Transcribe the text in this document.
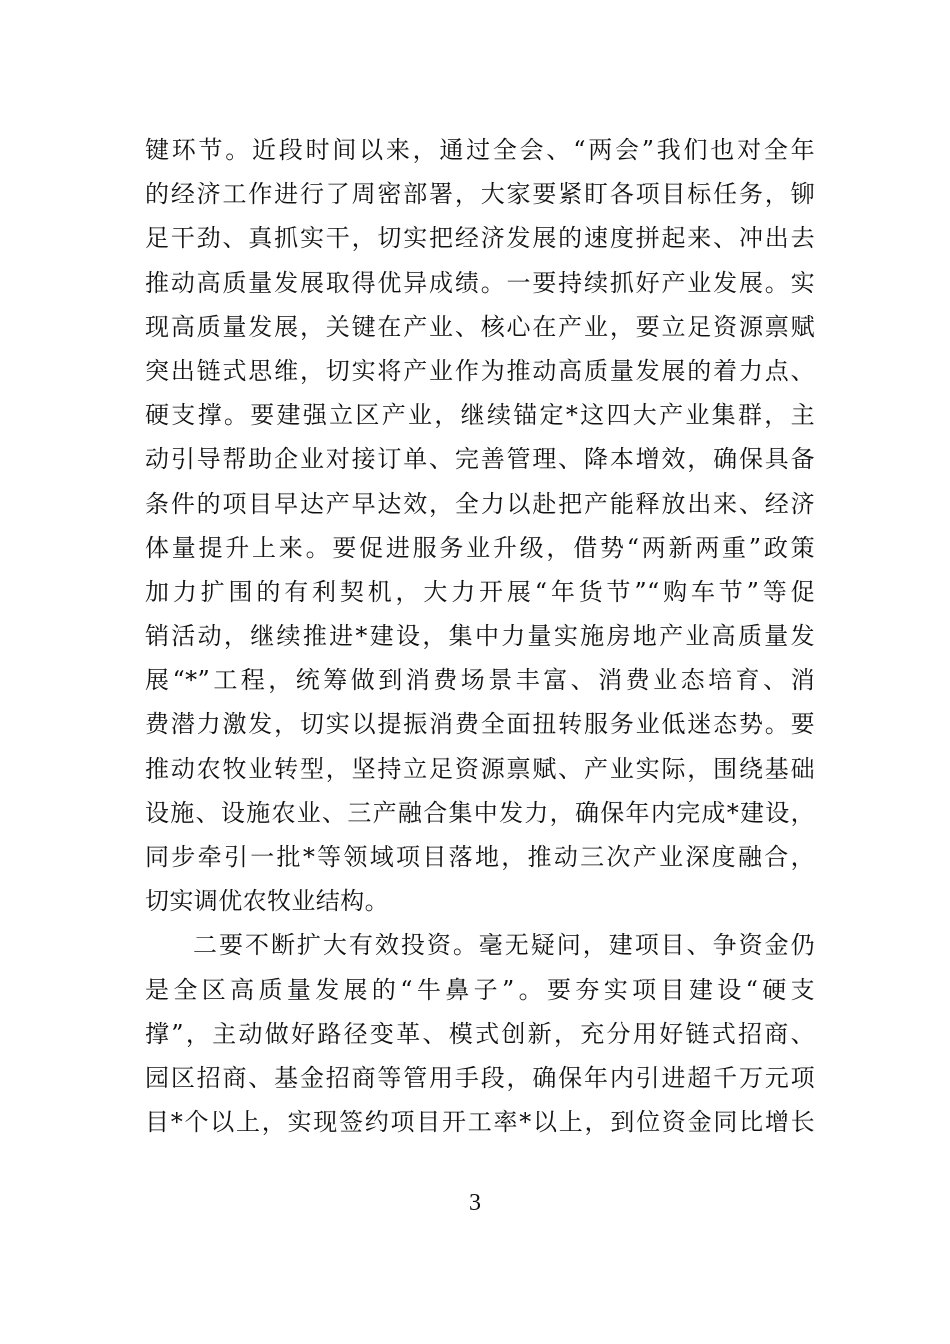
键环节。近段时间以来，通过全会、“两会”我们也对全年
的经济工作进行了周密部署，大家要紧盯各项目标任务，铆
足干劲、真抓实干，切实把经济发展的速度拼起来、冲出去
推动高质量发展取得优异成绩。一要持续抓好产业发展。实
现高质量发展，关键在产业、核心在产业，要立足资源禀赋
突出链式思维，切实将产业作为推动高质量发展的着力点、
硬支撑。要建强立区产业，继续锚定*这四大产业集群，主
动引导帮助企业对接订单、完善管理、降本增效，确保具备
条件的项目早达产早达效，全力以赴把产能释放出来、经济
体量提升上来。要促进服务业升级，借势“两新两重”政策
加力扩围的有利契机，大力开展“年货节”“购车节”等促
销活动，继续推进*建设，集中力量实施房地产业高质量发
展“*”工程，统筹做到消费场景丰富、消费业态培育、消
费潜力激发，切实以提振消费全面扭转服务业低迷态势。要
推动农牧业转型，坚持立足资源禀赋、产业实际，围绕基础
设施、设施农业、三产融合集中发力，确保年内完成*建设，
同步牵引一批*等领域项目落地，推动三次产业深度融合，
切实调优农牧业结构。
二要不断扩大有效投资。毫无疑问，建项目、争资金仍
是全区高质量发展的“牛鼻子”。要夯实项目建设“硬支
撑”，主动做好路径变革、模式创新，充分用好链式招商、
园区招商、基金招商等管用手段，确保年内引进超千万元项
目*个以上，实现签约项目开工率*以上，到位资金同比增长
3
